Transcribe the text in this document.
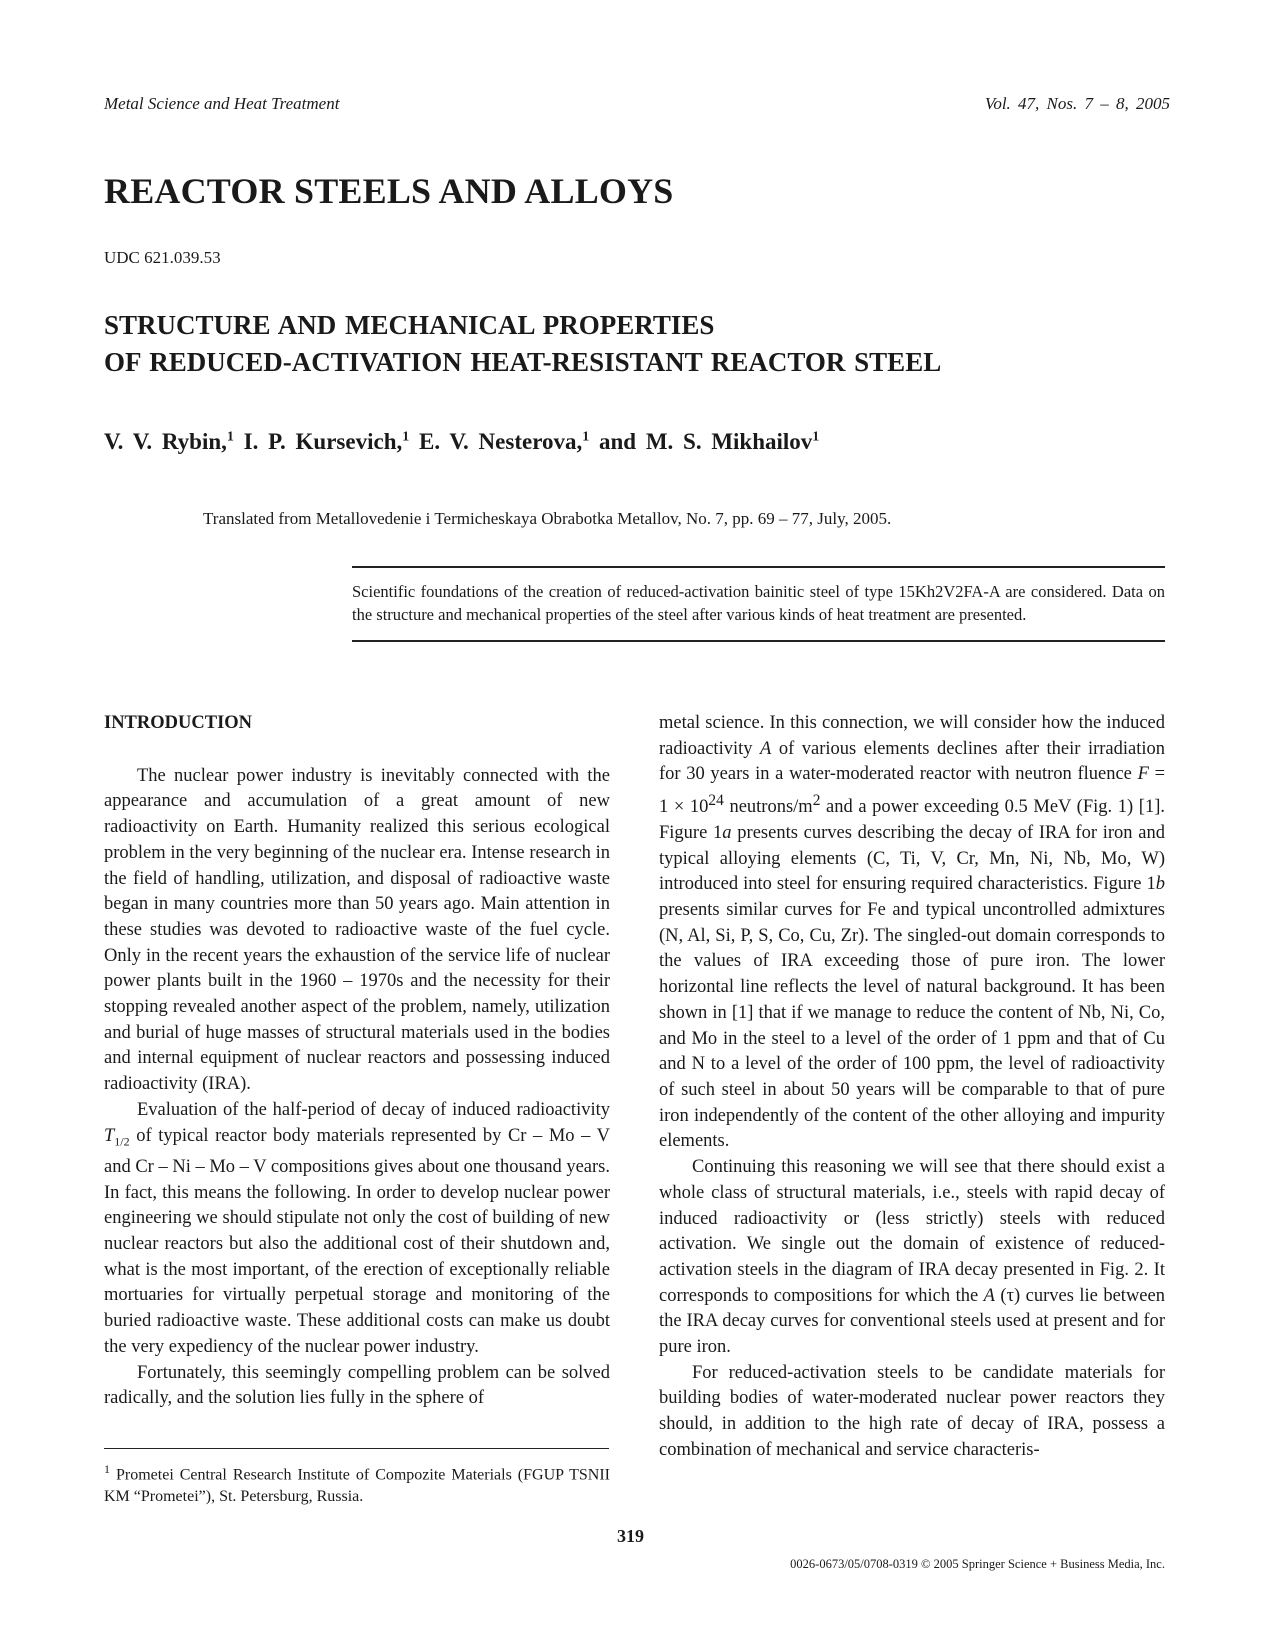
Metal Science and Heat Treatment	Vol. 47, Nos. 7 – 8, 2005
REACTOR STEELS AND ALLOYS
UDC 621.039.53
STRUCTURE AND MECHANICAL PROPERTIES
OF REDUCED-ACTIVATION HEAT-RESISTANT REACTOR STEEL
V. V. Rybin,$^1$ I. P. Kursevich,$^1$ E. V. Nesterova,$^1$ and M. S. Mikhailov$^1$
Translated from Metallovedenie i Termicheskaya Obrabotka Metallov, No. 7, pp. 69 – 77, July, 2005.
Scientific foundations of the creation of reduced-activation bainitic steel of type 15Kh2V2FA-A are considered. Data on the structure and mechanical properties of the steel after various kinds of heat treatment are presented.

INTRODUCTION

The nuclear power industry is inevitably connected with the appearance and accumulation of a great amount of new radioactivity on Earth. Humanity realized this serious ecological problem in the very beginning of the nuclear era. Intense research in the field of handling, utilization, and disposal of radioactive waste began in many countries more than 50 years ago. Main attention in these studies was devoted to radioactive waste of the fuel cycle. Only in the recent years the exhaustion of the service life of nuclear power plants built in the 1960 – 1970s and the necessity for their stopping revealed another aspect of the problem, namely, utilization and burial of huge masses of structural materials used in the bodies and internal equipment of nuclear reactors and possessing induced radioactivity (IRA).

Evaluation of the half-period of decay of induced radioactivity $T_{1/2}$ of typical reactor body materials represented by Cr – Mo – V and Cr – Ni – Mo – V compositions gives about one thousand years. In fact, this means the following. In order to develop nuclear power engineering we should stipulate not only the cost of building of new nuclear reactors but also the additional cost of their shutdown and, what is the most important, of the erection of exceptionally reliable mortuaries for virtually perpetual storage and monitoring of the buried radioactive waste. These additional costs can make us doubt the very expediency of the nuclear power industry.

Fortunately, this seemingly compelling problem can be solved radically, and the solution lies fully in the sphere of

metal science. In this connection, we will consider how the induced radioactivity A of various elements declines after their irradiation for 30 years in a water-moderated reactor with neutron fluence $F = 1 \times 10^{24}$ neutrons/$m^2$ and a power exceeding 0.5 MeV (Fig. 1) [1]. Figure 1a presents curves describing the decay of IRA for iron and typical alloying elements (C, Ti, V, Cr, Mn, Ni, Nb, Mo, W) introduced into steel for ensuring required characteristics. Figure 1b presents similar curves for Fe and typical uncontrolled admixtures (N, Al, Si, P, S, Co, Cu, Zr). The singled-out domain corresponds to the values of IRA exceeding those of pure iron. The lower horizontal line reflects the level of natural background. It has been shown in [1] that if we manage to reduce the content of Nb, Ni, Co, and Mo in the steel to a level of the order of 1 ppm and that of Cu and N to a level of the order of 100 ppm, the level of radioactivity of such steel in about 50 years will be comparable to that of pure iron independently of the content of the other alloying and impurity elements.

Continuing this reasoning we will see that there should exist a whole class of structural materials, i.e., steels with rapid decay of induced radioactivity or (less strictly) steels with reduced activation. We single out the domain of existence of reduced-activation steels in the diagram of IRA decay presented in Fig. 2. It corresponds to compositions for which the A (τ) curves lie between the IRA decay curves for conventional steels used at present and for pure iron.

For reduced-activation steels to be candidate materials for building bodies of water-moderated nuclear power reactors they should, in addition to the high rate of decay of IRA, possess a combination of mechanical and service characteris-

$^1$ Prometei Central Research Institute of Compozite Materials (FGUP TSNII KM “Prometei”), St. Petersburg, Russia.
319
0026-0673/05/0708-0319 © 2005 Springer Science + Business Media, Inc.
